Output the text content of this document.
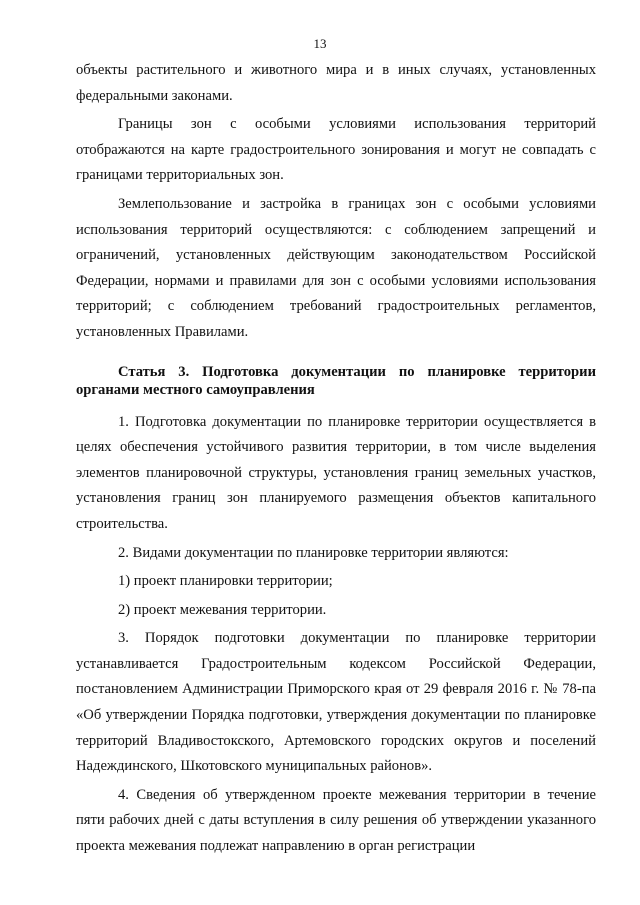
13

объекты растительного и животного мира и в иных случаях, установленных федеральными законами.

Границы зон с особыми условиями использования территорий отображаются на карте градостроительного зонирования и могут не совпадать с границами территориальных зон.

Землепользование и застройка в границах зон с особыми условиями использования территорий осуществляются: с соблюдением запрещений и ограничений, установленных действующим законодательством Российской Федерации, нормами и правилами для зон с особыми условиями использования территорий; с соблюдением требований градостроительных регламентов, установленных Правилами.

Статья 3. Подготовка документации по планировке территории органами местного самоуправления

1. Подготовка документации по планировке территории осуществляется в целях обеспечения устойчивого развития территории, в том числе выделения элементов планировочной структуры, установления границ земельных участков, установления границ зон планируемого размещения объектов капитального строительства.

2. Видами документации по планировке территории являются:

1) проект планировки территории;

2) проект межевания территории.

3. Порядок подготовки документации по планировке территории устанавливается Градостроительным кодексом Российской Федерации, постановлением Администрации Приморского края от 29 февраля 2016 г. № 78-па «Об утверждении Порядка подготовки, утверждения документации по планировке территорий Владивостокского, Артемовского городских округов и поселений Надеждинского, Шкотовского муниципальных районов».

4. Сведения об утвержденном проекте межевания территории в течение пяти рабочих дней с даты вступления в силу решения об утверждении указанного проекта межевания подлежат направлению в орган регистрации
